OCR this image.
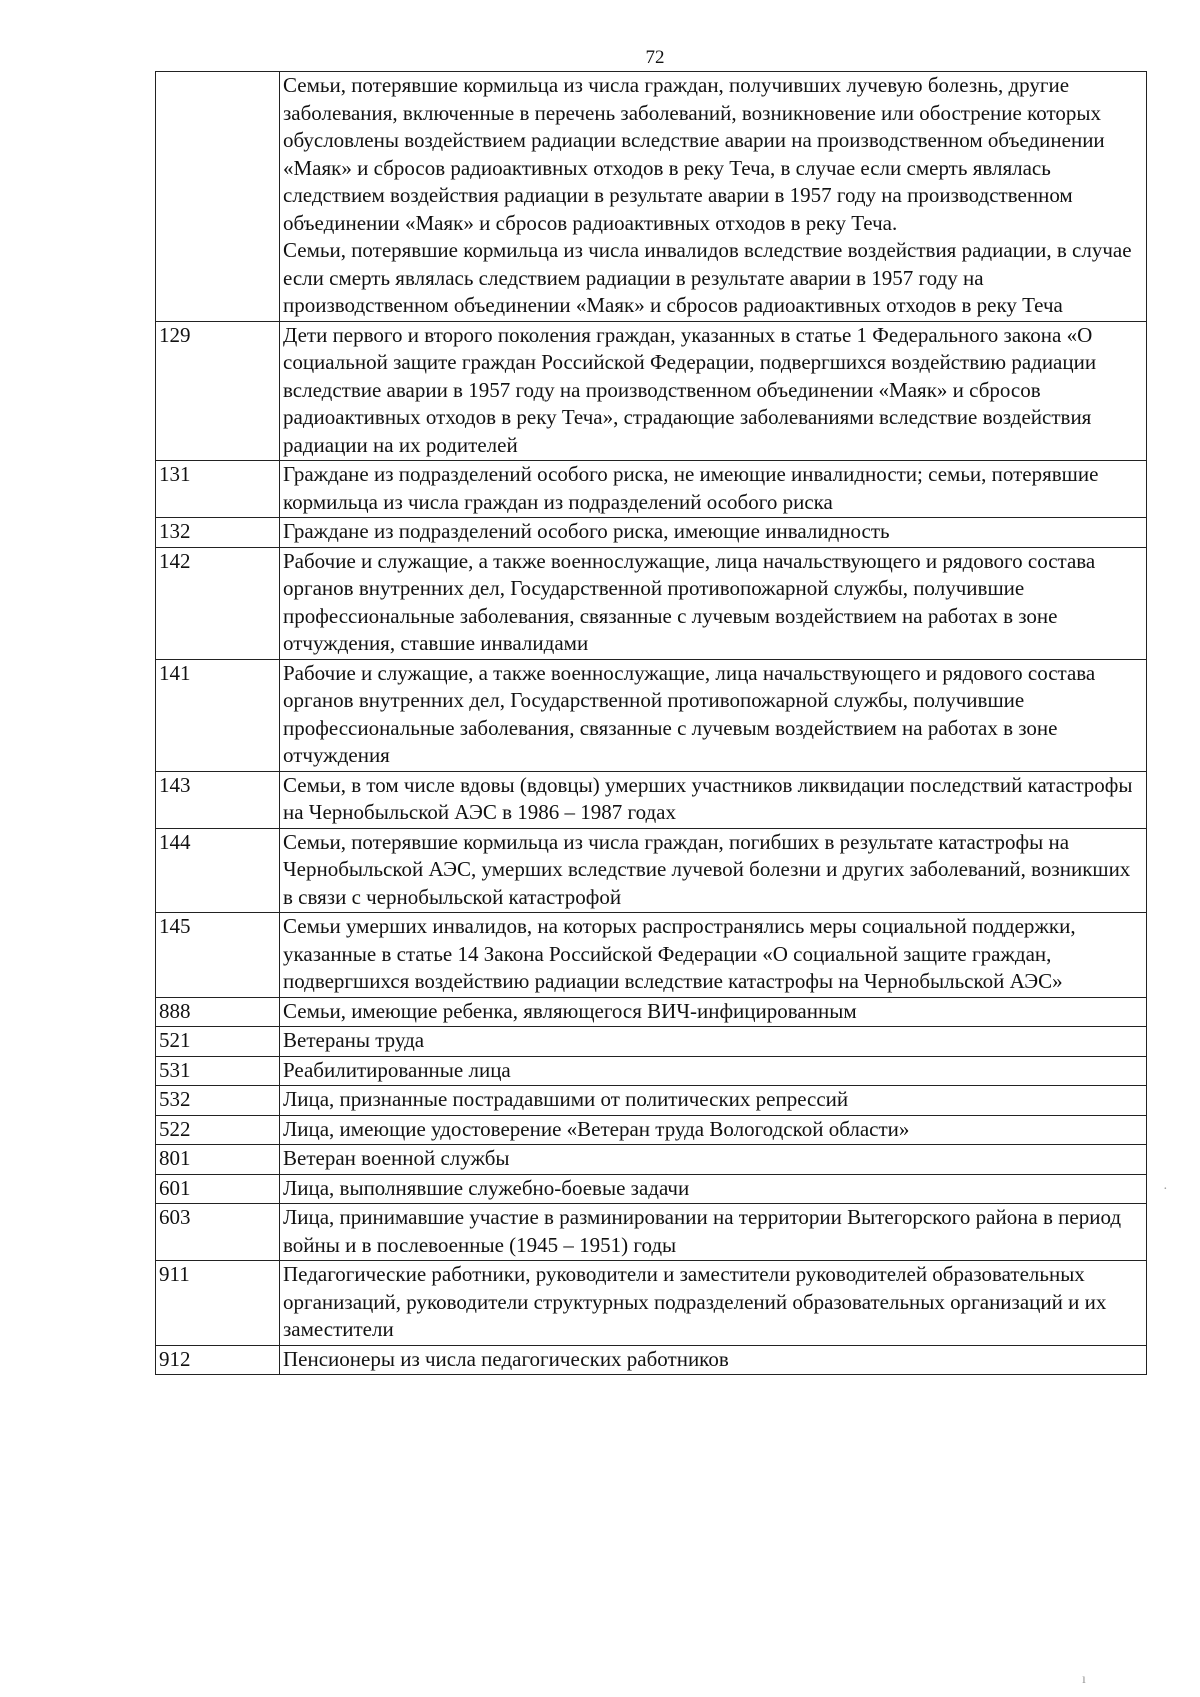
72

	Семьи, потерявшие кормильца из числа граждан, получивших лучевую болезнь, другие заболевания, включенные в перечень заболеваний, возникновение или обострение которых обусловлены воздействием радиации вследствие аварии на производственном объединении «Маяк» и сбросов радиоактивных отходов в реку Теча, в случае если смерть являлась следствием воздействия радиации в результате аварии в 1957 году на производственном объединении «Маяк» и сбросов радиоактивных отходов в реку Теча.
Семьи, потерявшие кормильца из числа инвалидов вследствие воздействия радиации, в случае если смерть являлась следствием радиации в результате аварии в 1957 году на производственном объединении «Маяк» и сбросов радиоактивных отходов в реку Теча

129	Дети первого и второго поколения граждан, указанных в статье 1 Федерального закона «О социальной защите граждан Российской Федерации, подвергшихся воздействию радиации вследствие аварии в 1957 году на производственном объединении «Маяк» и сбросов радиоактивных отходов в реку Теча», страдающие заболеваниями вследствие воздействия радиации на их родителей

131	Граждане из подразделений особого риска, не имеющие инвалидности; семьи, потерявшие кормильца из числа граждан из подразделений особого риска

132	Граждане из подразделений особого риска, имеющие инвалидность

142	Рабочие и служащие, а также военнослужащие, лица начальствующего и рядового состава органов внутренних дел, Государственной противопожарной службы, получившие профессиональные заболевания, связанные с лучевым воздействием на работах в зоне отчуждения, ставшие инвалидами

141	Рабочие и служащие, а также военнослужащие, лица начальствующего и рядового состава органов внутренних дел, Государственной противопожарной службы, получившие профессиональные заболевания, связанные с лучевым воздействием на работах в зоне отчуждения

143	Семьи, в том числе вдовы (вдовцы) умерших участников ликвидации последствий катастрофы на Чернобыльской АЭС в 1986 – 1987 годах

144	Семьи, потерявшие кормильца из числа граждан, погибших в результате катастрофы на Чернобыльской АЭС, умерших вследствие лучевой болезни и других заболеваний, возникших в связи с чернобыльской катастрофой

145	Семьи умерших инвалидов, на которых распространялись меры социальной поддержки, указанные в статье 14 Закона Российской Федерации «О социальной защите граждан, подвергшихся воздействию радиации вследствие катастрофы на Чернобыльской АЭС»

888	Семьи, имеющие ребенка, являющегося ВИЧ-инфицированным

521	Ветераны труда

531	Реабилитированные лица

532	Лица, признанные пострадавшими от политических репрессий

522	Лица, имеющие удостоверение «Ветеран труда Вологодской области»

801	Ветеран военной службы

601	Лица, выполнявшие служебно-боевые задачи

603	Лица, принимавшие участие в разминировании на территории Вытегорского района в период войны и в послевоенные (1945 – 1951) годы

911	Педагогические работники, руководители и заместители руководителей образовательных организаций, руководители структурных подразделений образовательных организаций и их заместители

912	Пенсионеры из числа педагогических работников
·
ı
